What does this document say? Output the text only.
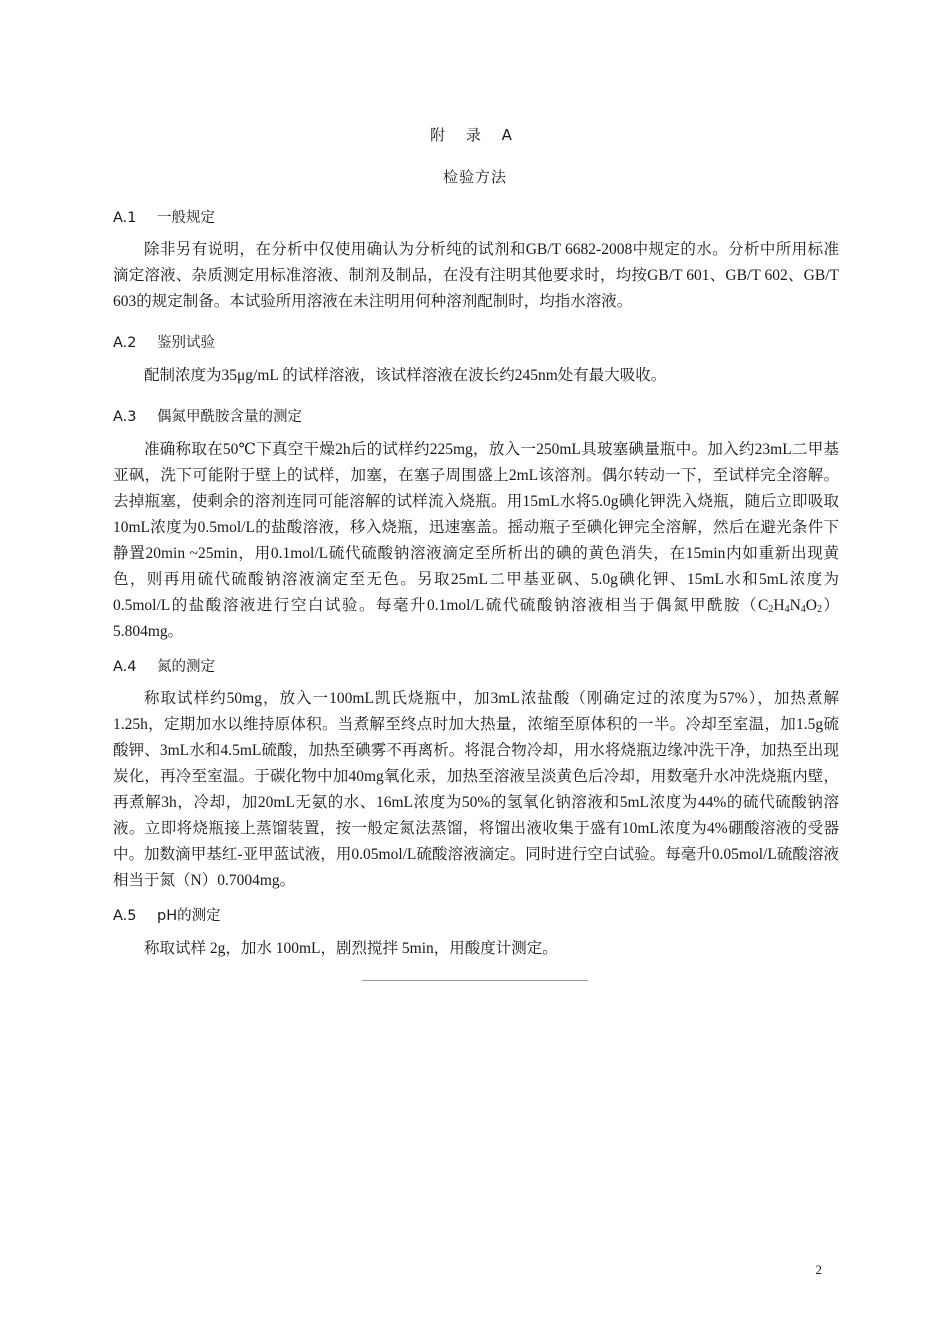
附 录 A
检验方法
A.1 一般规定

除非另有说明，在分析中仅使用确认为分析纯的试剂和GB/T 6682-2008中规定的水。分析中所用标准滴定溶液、杂质测定用标准溶液、制剂及制品，在没有注明其他要求时，均按GB/T 601、GB/T 602、GB/T 603的规定制备。本试验所用溶液在未注明用何种溶剂配制时，均指水溶液。

A.2 鉴别试验

配制浓度为35μg/mL 的试样溶液，该试样溶液在波长约245nm处有最大吸收。

A.3 偶氮甲酰胺含量的测定

准确称取在50℃下真空干燥2h后的试样约225mg，放入一250mL具玻塞碘量瓶中。加入约23mL二甲基亚砜，洗下可能附于壁上的试样，加塞，在塞子周围盛上2mL该溶剂。偶尔转动一下，至试样完全溶解。去掉瓶塞，使剩余的溶剂连同可能溶解的试样流入烧瓶。用15mL水将5.0g碘化钾洗入烧瓶，随后立即吸取10mL浓度为0.5mol/L的盐酸溶液，移入烧瓶，迅速塞盖。摇动瓶子至碘化钾完全溶解，然后在避光条件下静置20min ~25min，用0.1mol/L硫代硫酸钠溶液滴定至所析出的碘的黄色消失，在15min内如重新出现黄色，则再用硫代硫酸钠溶液滴定至无色。另取25mL二甲基亚砜、5.0g碘化钾、15mL水和5mL浓度为0.5mol/L的盐酸溶液进行空白试验。每毫升0.1mol/L硫代硫酸钠溶液相当于偶氮甲酰胺$(C_2H_4N_4O_2)5.804mg$。

A.4 氮的测定

称取试样约50mg，放入一100mL凯氏烧瓶中，加3mL浓盐酸（刚确定过的浓度为57%），加热煮解1.25h，定期加水以维持原体积。当煮解至终点时加大热量，浓缩至原体积的一半。冷却至室温，加1.5g硫酸钾、3mL水和4.5mL硫酸，加热至碘雾不再离析。将混合物冷却，用水将烧瓶边缘冲洗干净，加热至出现炭化，再冷至室温。于碳化物中加40mg氧化汞，加热至溶液呈淡黄色后冷却，用数毫升水冲洗烧瓶内壁，再煮解3h，冷却，加20mL无氨的水、16mL浓度为50%的氢氧化钠溶液和5mL浓度为44%的硫代硫酸钠溶液。立即将烧瓶接上蒸馏装置，按一般定氮法蒸馏，将馏出液收集于盛有10mL浓度为4%硼酸溶液的受器中。加数滴甲基红-亚甲蓝试液，用0.05mol/L硫酸溶液滴定。同时进行空白试验。每毫升0.05mol/L硫酸溶液相当于氮（N）0.7004mg。

A.5 pH的测定

称取试样 2g，加水 100mL，剧烈搅拌 5min，用酸度计测定。

2
